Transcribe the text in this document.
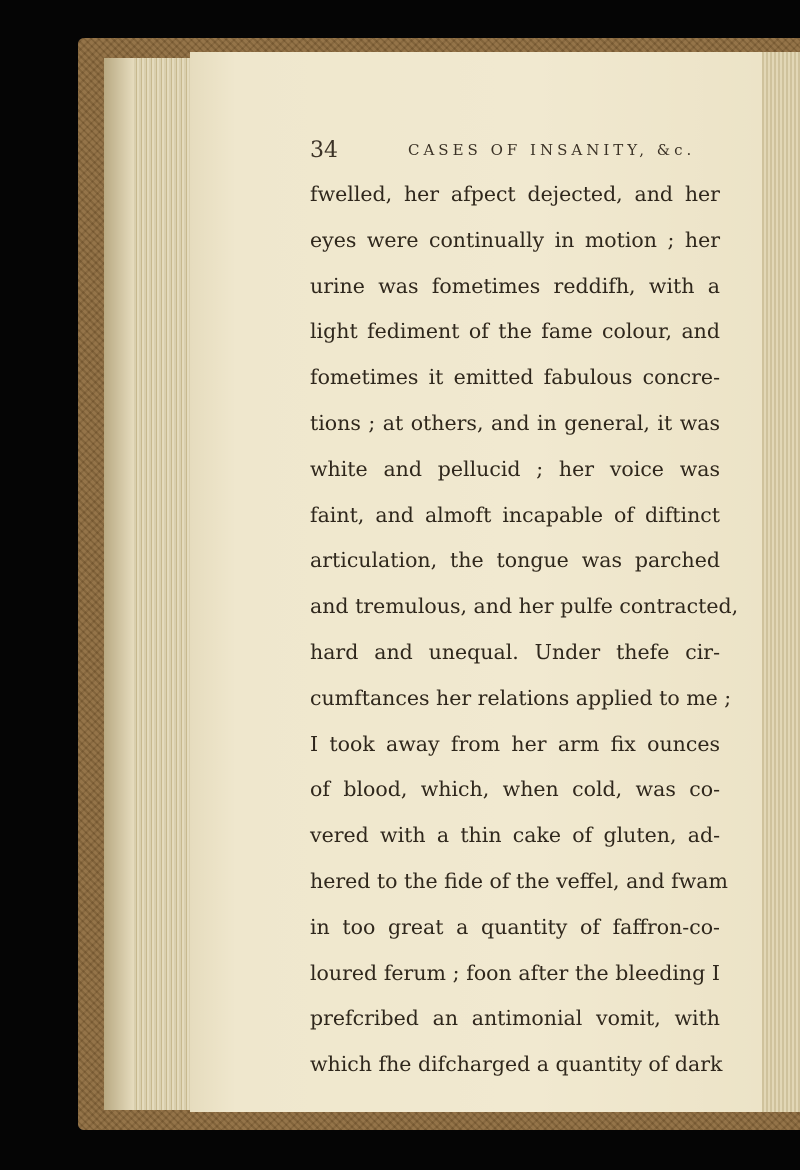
34	CASES OF INSANITY, &c.
fwelled, her afpect dejected, and her
eyes were continually in motion ; her
urine was fometimes reddifh, with a
light fediment of the fame colour, and
fometimes it emitted fabulous concre-
tions ; at others, and in general, it was
white and pellucid ; her voice was
faint, and almoft incapable of diftinct
articulation, the tongue was parched
and tremulous, and her pulfe contracted,
hard and unequal. Under thefe cir-
cumftances her relations applied to me ;
I took away from her arm fix ounces
of blood, which, when cold, was co-
vered with a thin cake of gluten, ad-
hered to the fide of the veffel, and fwam
in too great a quantity of faffron-co-
loured ferum ; foon after the bleeding I
prefcribed an antimonial vomit, with
which fhe difcharged a quantity of dark
